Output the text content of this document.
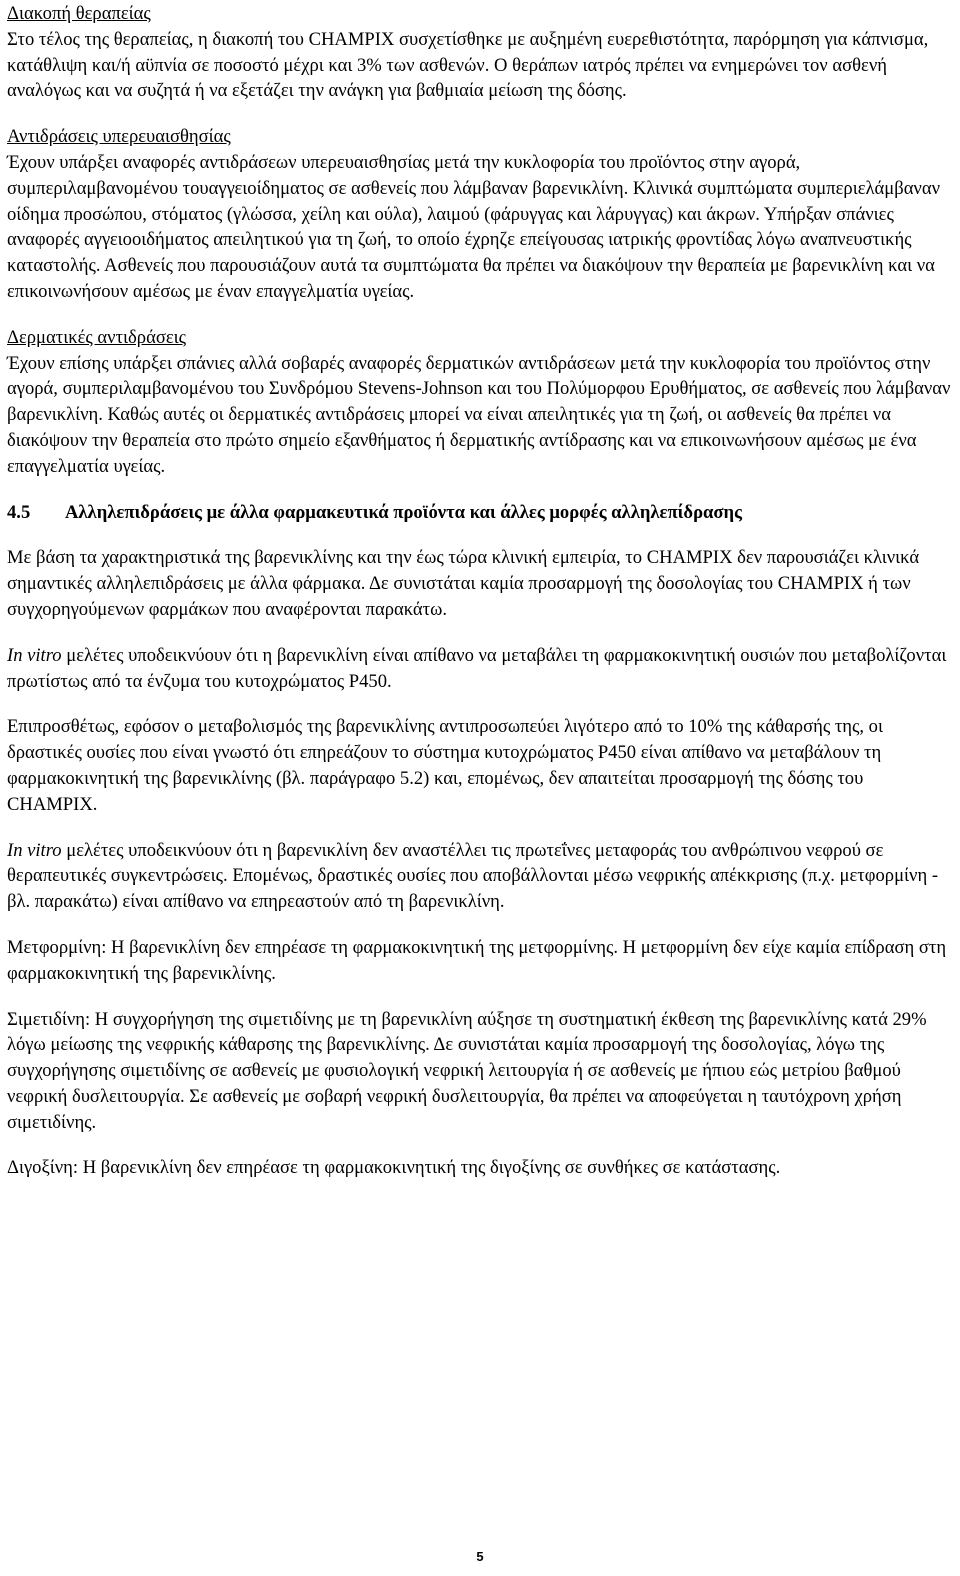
Διακοπή θεραπείας

Στο τέλος της θεραπείας, η διακοπή του CHAMPIX συσχετίσθηκε με αυξημένη ευερεθιστότητα, παρόρμηση για κάπνισμα, κατάθλιψη και/ή αϋπνία σε ποσοστό μέχρι και 3% των ασθενών. Ο θεράπων ιατρός πρέπει να ενημερώνει τον ασθενή αναλόγως και να συζητά ή να εξετάζει την ανάγκη για βαθμιαία μείωση της δόσης.

Αντιδράσεις υπερευαισθησίας

Έχουν υπάρξει αναφορές αντιδράσεων υπερευαισθησίας μετά την κυκλοφορία του προϊόντος στην αγορά, συμπεριλαμβανομένου τουαγγειοίδηματος σε ασθενείς που λάμβαναν βαρενικλίνη. Κλινικά συμπτώματα συμπεριελάμβαναν οίδημα προσώπου, στόματος (γλώσσα, χείλη και ούλα), λαιμού (φάρυγγας και λάρυγγας) και άκρων. Υπήρξαν σπάνιες αναφορές αγγειοοιδήματος απειλητικού για τη ζωή, το οποίο έχρηζε επείγουσας ιατρικής φροντίδας λόγω αναπνευστικής καταστολής. Ασθενείς που παρουσιάζουν αυτά τα συμπτώματα θα πρέπει να διακόψουν την θεραπεία με βαρενικλίνη και να επικοινωνήσουν αμέσως με έναν επαγγελματία υγείας.

Δερματικές αντιδράσεις

Έχουν επίσης υπάρξει σπάνιες αλλά σοβαρές αναφορές δερματικών αντιδράσεων μετά την κυκλοφορία του προϊόντος στην αγορά, συμπεριλαμβανομένου του Συνδρόμου Stevens-Johnson και του Πολύμορφου Ερυθήματος, σε ασθενείς που λάμβαναν βαρενικλίνη. Καθώς αυτές οι δερματικές αντιδράσεις μπορεί να είναι απειλητικές για τη ζωή, οι ασθενείς θα πρέπει να διακόψουν την θεραπεία στο πρώτο σημείο εξανθήματος ή δερματικής αντίδρασης και να επικοινωνήσουν αμέσως με ένα επαγγελματία υγείας.

4.5 Αλληλεπιδράσεις με άλλα φαρμακευτικά προϊόντα και άλλες μορφές αλληλεπίδρασης

Με βάση τα χαρακτηριστικά της βαρενικλίνης και την έως τώρα κλινική εμπειρία, το CHAMPIX δεν παρουσιάζει κλινικά σημαντικές αλληλεπιδράσεις με άλλα φάρμακα. Δε συνιστάται καμία προσαρμογή της δοσολογίας του CHAMPIX ή των συγχορηγούμενων φαρμάκων που αναφέρονται παρακάτω.

In vitro μελέτες υποδεικνύουν ότι η βαρενικλίνη είναι απίθανο να μεταβάλει τη φαρμακοκινητική ουσιών που μεταβολίζονται πρωτίστως από τα ένζυμα του κυτοχρώματος P450.

Επιπροσθέτως, εφόσον ο μεταβολισμός της βαρενικλίνης αντιπροσωπεύει λιγότερο από το 10% της κάθαρσής της, οι δραστικές ουσίες που είναι γνωστό ότι επηρεάζουν το σύστημα κυτοχρώματος P450 είναι απίθανο να μεταβάλουν τη φαρμακοκινητική της βαρενικλίνης (βλ. παράγραφο 5.2) και, επομένως, δεν απαιτείται προσαρμογή της δόσης του CHAMPIX.

In vitro μελέτες υποδεικνύουν ότι η βαρενικλίνη δεν αναστέλλει τις πρωτεΐνες μεταφοράς του ανθρώπινου νεφρού σε θεραπευτικές συγκεντρώσεις. Επομένως, δραστικές ουσίες που αποβάλλονται μέσω νεφρικής απέκκρισης (π.χ. μετφορμίνη - βλ. παρακάτω) είναι απίθανο να επηρεαστούν από τη βαρενικλίνη.

Μετφορμίνη: Η βαρενικλίνη δεν επηρέασε τη φαρμακοκινητική της μετφορμίνης. Η μετφορμίνη δεν είχε καμία επίδραση στη φαρμακοκινητική της βαρενικλίνης.

Σιμετιδίνη: Η συγχορήγηση της σιμετιδίνης με τη βαρενικλίνη αύξησε τη συστηματική έκθεση της βαρενικλίνης κατά 29% λόγω μείωσης της νεφρικής κάθαρσης της βαρενικλίνης. Δε συνιστάται καμία προσαρμογή της δοσολογίας, λόγω της συγχορήγησης σιμετιδίνης σε ασθενείς με φυσιολογική νεφρική λειτουργία ή σε ασθενείς με ήπιου εώς μετρίου βαθμού νεφρική δυσλειτουργία. Σε ασθενείς με σοβαρή νεφρική δυσλειτουργία, θα πρέπει να αποφεύγεται η ταυτόχρονη χρήση σιμετιδίνης.

Διγοξίνη: Η βαρενικλίνη δεν επηρέασε τη φαρμακοκινητική της διγοξίνης σε συνθήκες σε κατάστασης.

5
